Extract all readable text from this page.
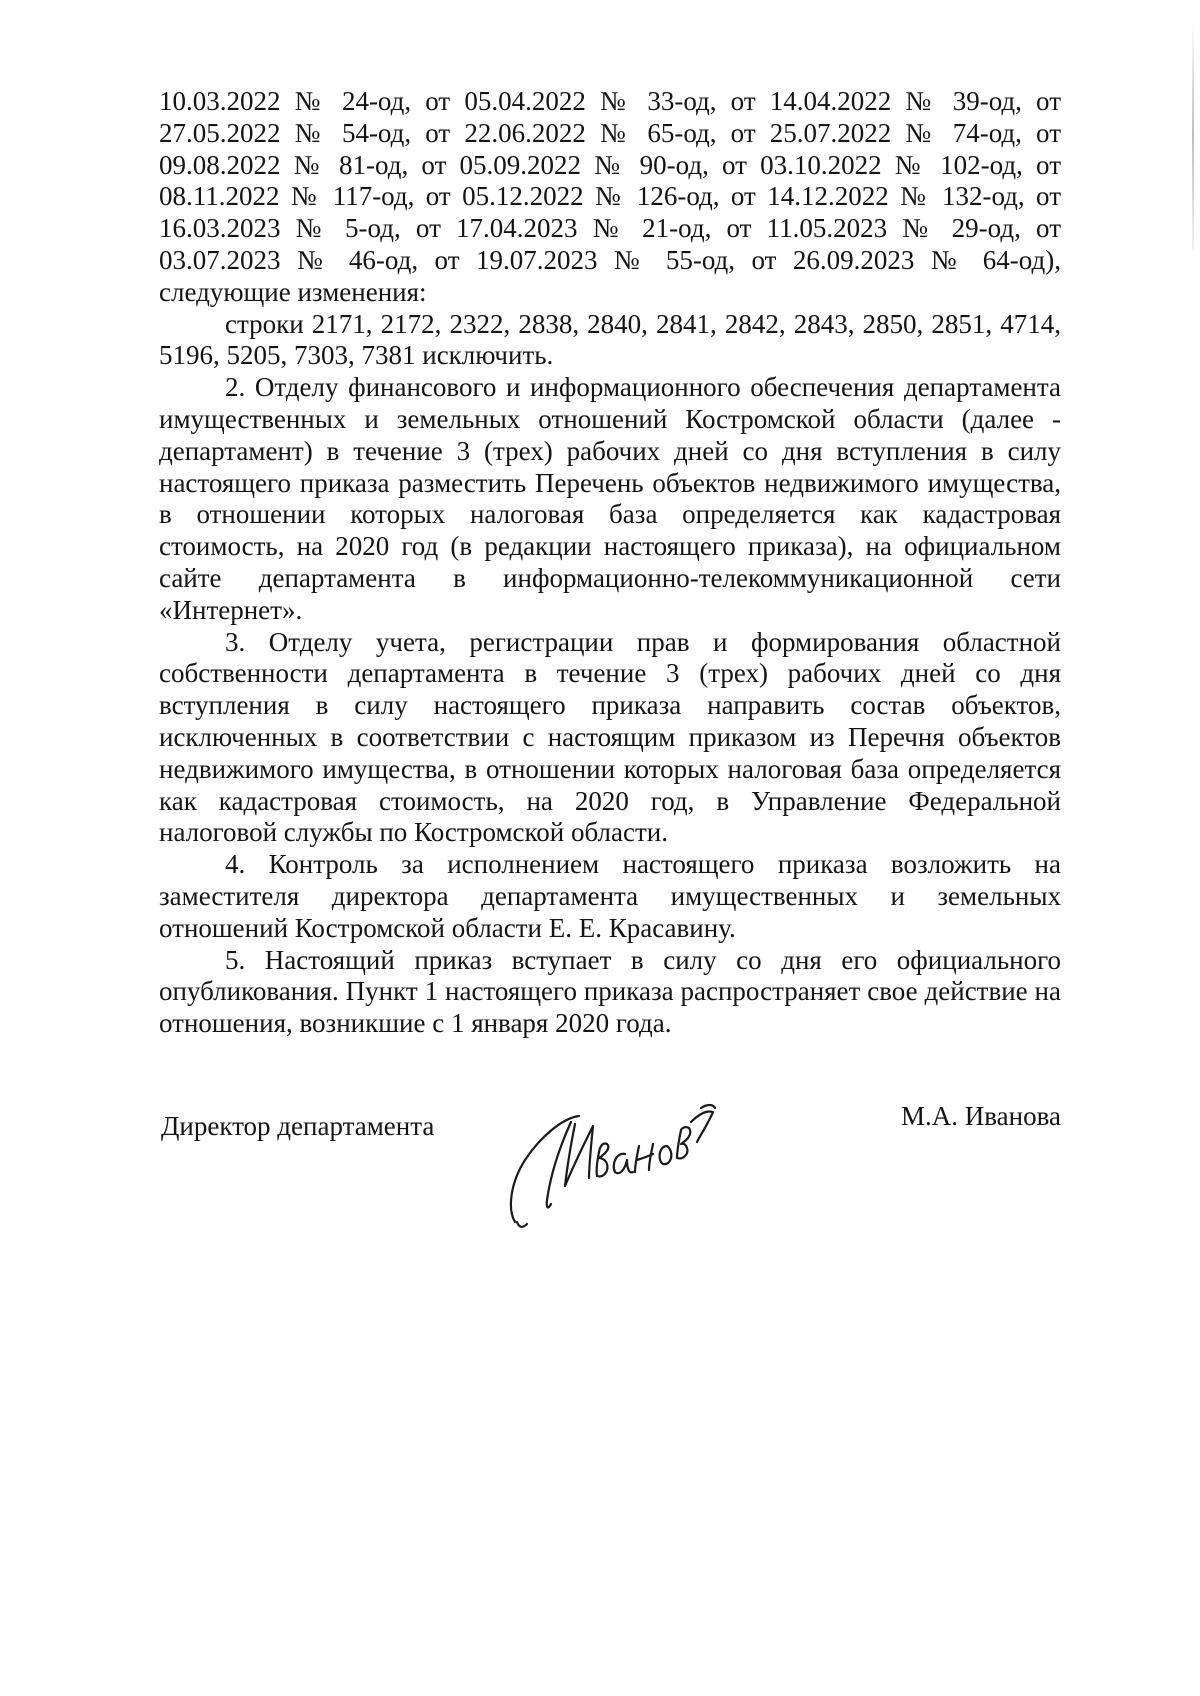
10.03.2022 № 24-од, от 05.04.2022 № 33-од, от 14.04.2022 № 39-од, от 27.05.2022 № 54-од, от 22.06.2022 № 65-од, от 25.07.2022 № 74-од, от 09.08.2022 № 81-од, от 05.09.2022 № 90-од, от 03.10.2022 № 102-од, от 08.11.2022 № 117-од, от 05.12.2022 № 126-од, от 14.12.2022 № 132-од, от 16.03.2023 № 5-од, от 17.04.2023 № 21-од, от 11.05.2023 № 29-од, от 03.07.2023 № 46-од, от 19.07.2023 № 55-од, от 26.09.2023 № 64-од), следующие изменения:

строки 2171, 2172, 2322, 2838, 2840, 2841, 2842, 2843, 2850, 2851, 4714, 5196, 5205, 7303, 7381 исключить.

2. Отделу финансового и информационного обеспечения департамента имущественных и земельных отношений Костромской области (далее - департамент) в течение 3 (трех) рабочих дней со дня вступления в силу настоящего приказа разместить Перечень объектов недвижимого имущества, в отношении которых налоговая база определяется как кадастровая стоимость, на 2020 год (в редакции настоящего приказа), на официальном сайте департамента в информационно-телекоммуникационной сети «Интернет».

3. Отделу учета, регистрации прав и формирования областной собственности департамента в течение 3 (трех) рабочих дней со дня вступления в силу настоящего приказа направить состав объектов, исключенных в соответствии с настоящим приказом из Перечня объектов недвижимого имущества, в отношении которых налоговая база определяется как кадастровая стоимость, на 2020 год, в Управление Федеральной налоговой службы по Костромской области.

4. Контроль за исполнением настоящего приказа возложить на заместителя директора департамента имущественных и земельных отношений Костромской области Е. Е. Красавину.

5. Настоящий приказ вступает в силу со дня его официального опубликования. Пункт 1 настоящего приказа распространяет свое действие на отношения, возникшие с 1 января 2020 года.

Директор департамента	М.А. Иванова
